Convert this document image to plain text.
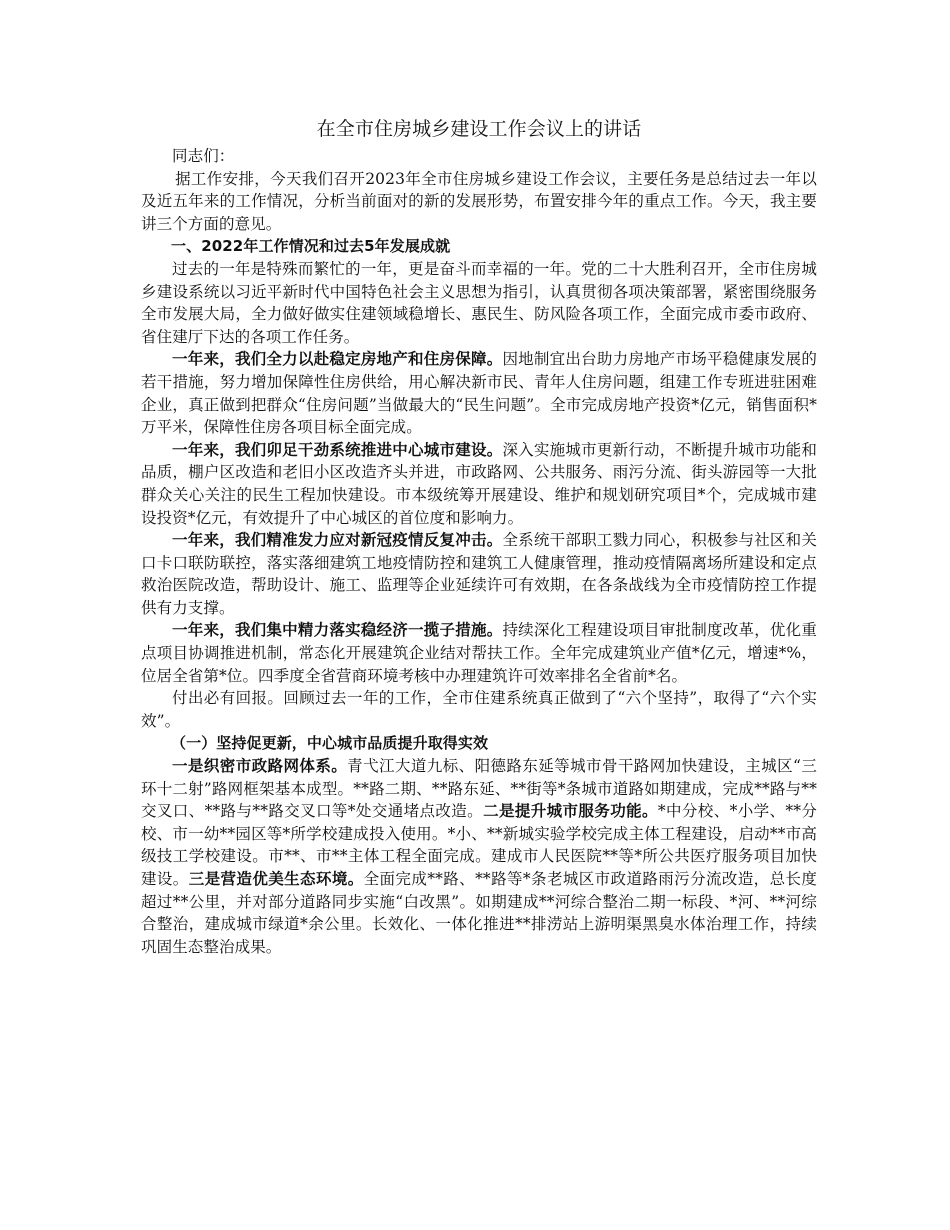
在全市住房城乡建设工作会议上的讲话

同志们：

据工作安排，今天我们召开2023年全市住房城乡建设工作会议，主要任务是总结过去一年以及近五年来的工作情况，分析当前面对的新的发展形势，布置安排今年的重点工作。今天，我主要讲三个方面的意见。

一、2022年工作情况和过去5年发展成就

过去的一年是特殊而繁忙的一年，更是奋斗而幸福的一年。党的二十大胜利召开，全市住房城乡建设系统以习近平新时代中国特色社会主义思想为指引，认真贯彻各项决策部署，紧密围绕服务全市发展大局，全力做好做实住建领域稳增长、惠民生、防风险各项工作，全面完成市委市政府、省住建厅下达的各项工作任务。

一年来，我们全力以赴稳定房地产和住房保障。因地制宜出台助力房地产市场平稳健康发展的若干措施，努力增加保障性住房供给，用心解决新市民、青年人住房问题，组建工作专班进驻困难企业，真正做到把群众“住房问题”当做最大的“民生问题”。全市完成房地产投资*亿元，销售面积*万平米，保障性住房各项目标全面完成。

一年来，我们卯足干劲系统推进中心城市建设。深入实施城市更新行动，不断提升城市功能和品质，棚户区改造和老旧小区改造齐头并进，市政路网、公共服务、雨污分流、街头游园等一大批群众关心关注的民生工程加快建设。市本级统筹开展建设、维护和规划研究项目*个，完成城市建设投资*亿元，有效提升了中心城区的首位度和影响力。

一年来，我们精准发力应对新冠疫情反复冲击。全系统干部职工戮力同心，积极参与社区和关口卡口联防联控，落实落细建筑工地疫情防控和建筑工人健康管理，推动疫情隔离场所建设和定点救治医院改造，帮助设计、施工、监理等企业延续许可有效期，在各条战线为全市疫情防控工作提供有力支撑。

一年来，我们集中精力落实稳经济一揽子措施。持续深化工程建设项目审批制度改革，优化重点项目协调推进机制，常态化开展建筑企业结对帮扶工作。全年完成建筑业产值*亿元，增速*%，位居全省第*位。四季度全省营商环境考核中办理建筑许可效率排名全省前*名。

付出必有回报。回顾过去一年的工作，全市住建系统真正做到了“六个坚持”，取得了“六个实效”。

（一）坚持促更新，中心城市品质提升取得实效

一是织密市政路网体系。青弋江大道九标、阳德路东延等城市骨干路网加快建设，主城区“三环十二射”路网框架基本成型。**路二期、**路东延、**街等*条城市道路如期建成，完成**路与**交叉口、**路与**路交叉口等*处交通堵点改造。二是提升城市服务功能。*中分校、*小学、**分校、市一幼**园区等*所学校建成投入使用。*小、**新城实验学校完成主体工程建设，启动**市高级技工学校建设。市**、市**主体工程全面完成。建成市人民医院**等*所公共医疗服务项目加快建设。三是营造优美生态环境。全面完成**路、**路等*条老城区市政道路雨污分流改造，总长度超过**公里，并对部分道路同步实施“白改黑”。如期建成**河综合整治二期一标段、*河、**河综合整治，建成城市绿道*余公里。长效化、一体化推进**排涝站上游明渠黑臭水体治理工作，持续巩固生态整治成果。
